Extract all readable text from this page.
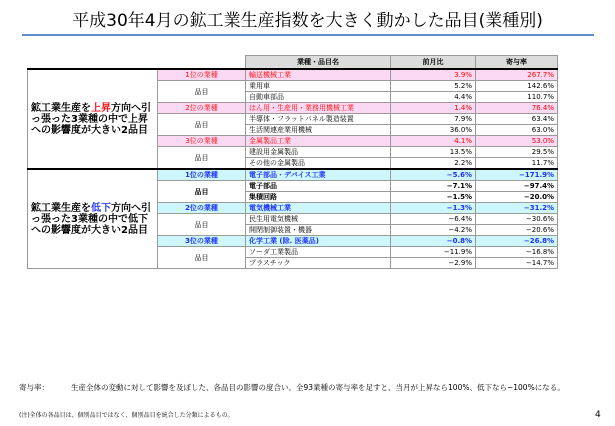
平成30年4月の鉱工業生産指数を大きく動かした品目(業種別)
		業種・品目名	前月比	寄与率
鉱工業生産を上昇方向へ引っ張った3業種の中で上昇への影響度が大きい2品目	1位の業種	輸送機械工業	3.9%	267.7%
	品目	乗用車	5.2%	142.6%
		自動車部品	4.4%	110.7%
	2位の業種	はん用・生産用・業務用機械工業	1.4%	76.4%
	品目	半導体・フラットパネル製造装置	7.9%	63.4%
		生活関連産業用機械	36.0%	63.0%
	3位の業種	金属製品工業	4.1%	53.0%
	品目	建設用金属製品	13.5%	29.5%
		その他の金属製品	2.2%	11.7%
鉱工業生産を低下方向へ引っ張った3業種の中で低下への影響度が大きい2品目	1位の業種	電子部品・デバイス工業	−5.6%	−171.9%
	品目	電子部品	−7.1%	−97.4%
		集積回路	−1.5%	−20.0%
	2位の業種	電気機械工業	−1.3%	−31.2%
	品目	民生用電気機械	−6.4%	−30.6%
		開閉制御装置・機器	−4.2%	−20.6%
	3位の業種	化学工業 (除. 医薬品)	−0.8%	−26.8%
	品目	ソーダ工業製品	−11.9%	−16.8%
		プラスチック	−2.9%	−14.7%
寄与率：	生産全体の変動に対して影響を及ぼした、各品目の影響の度合い。全93業種の寄与率を足すと、当月が上昇なら100%、低下なら−100%になる。
(注)全体の各品目は、個別品目ではなく、個別品目を統合した分類によるもの。	4
